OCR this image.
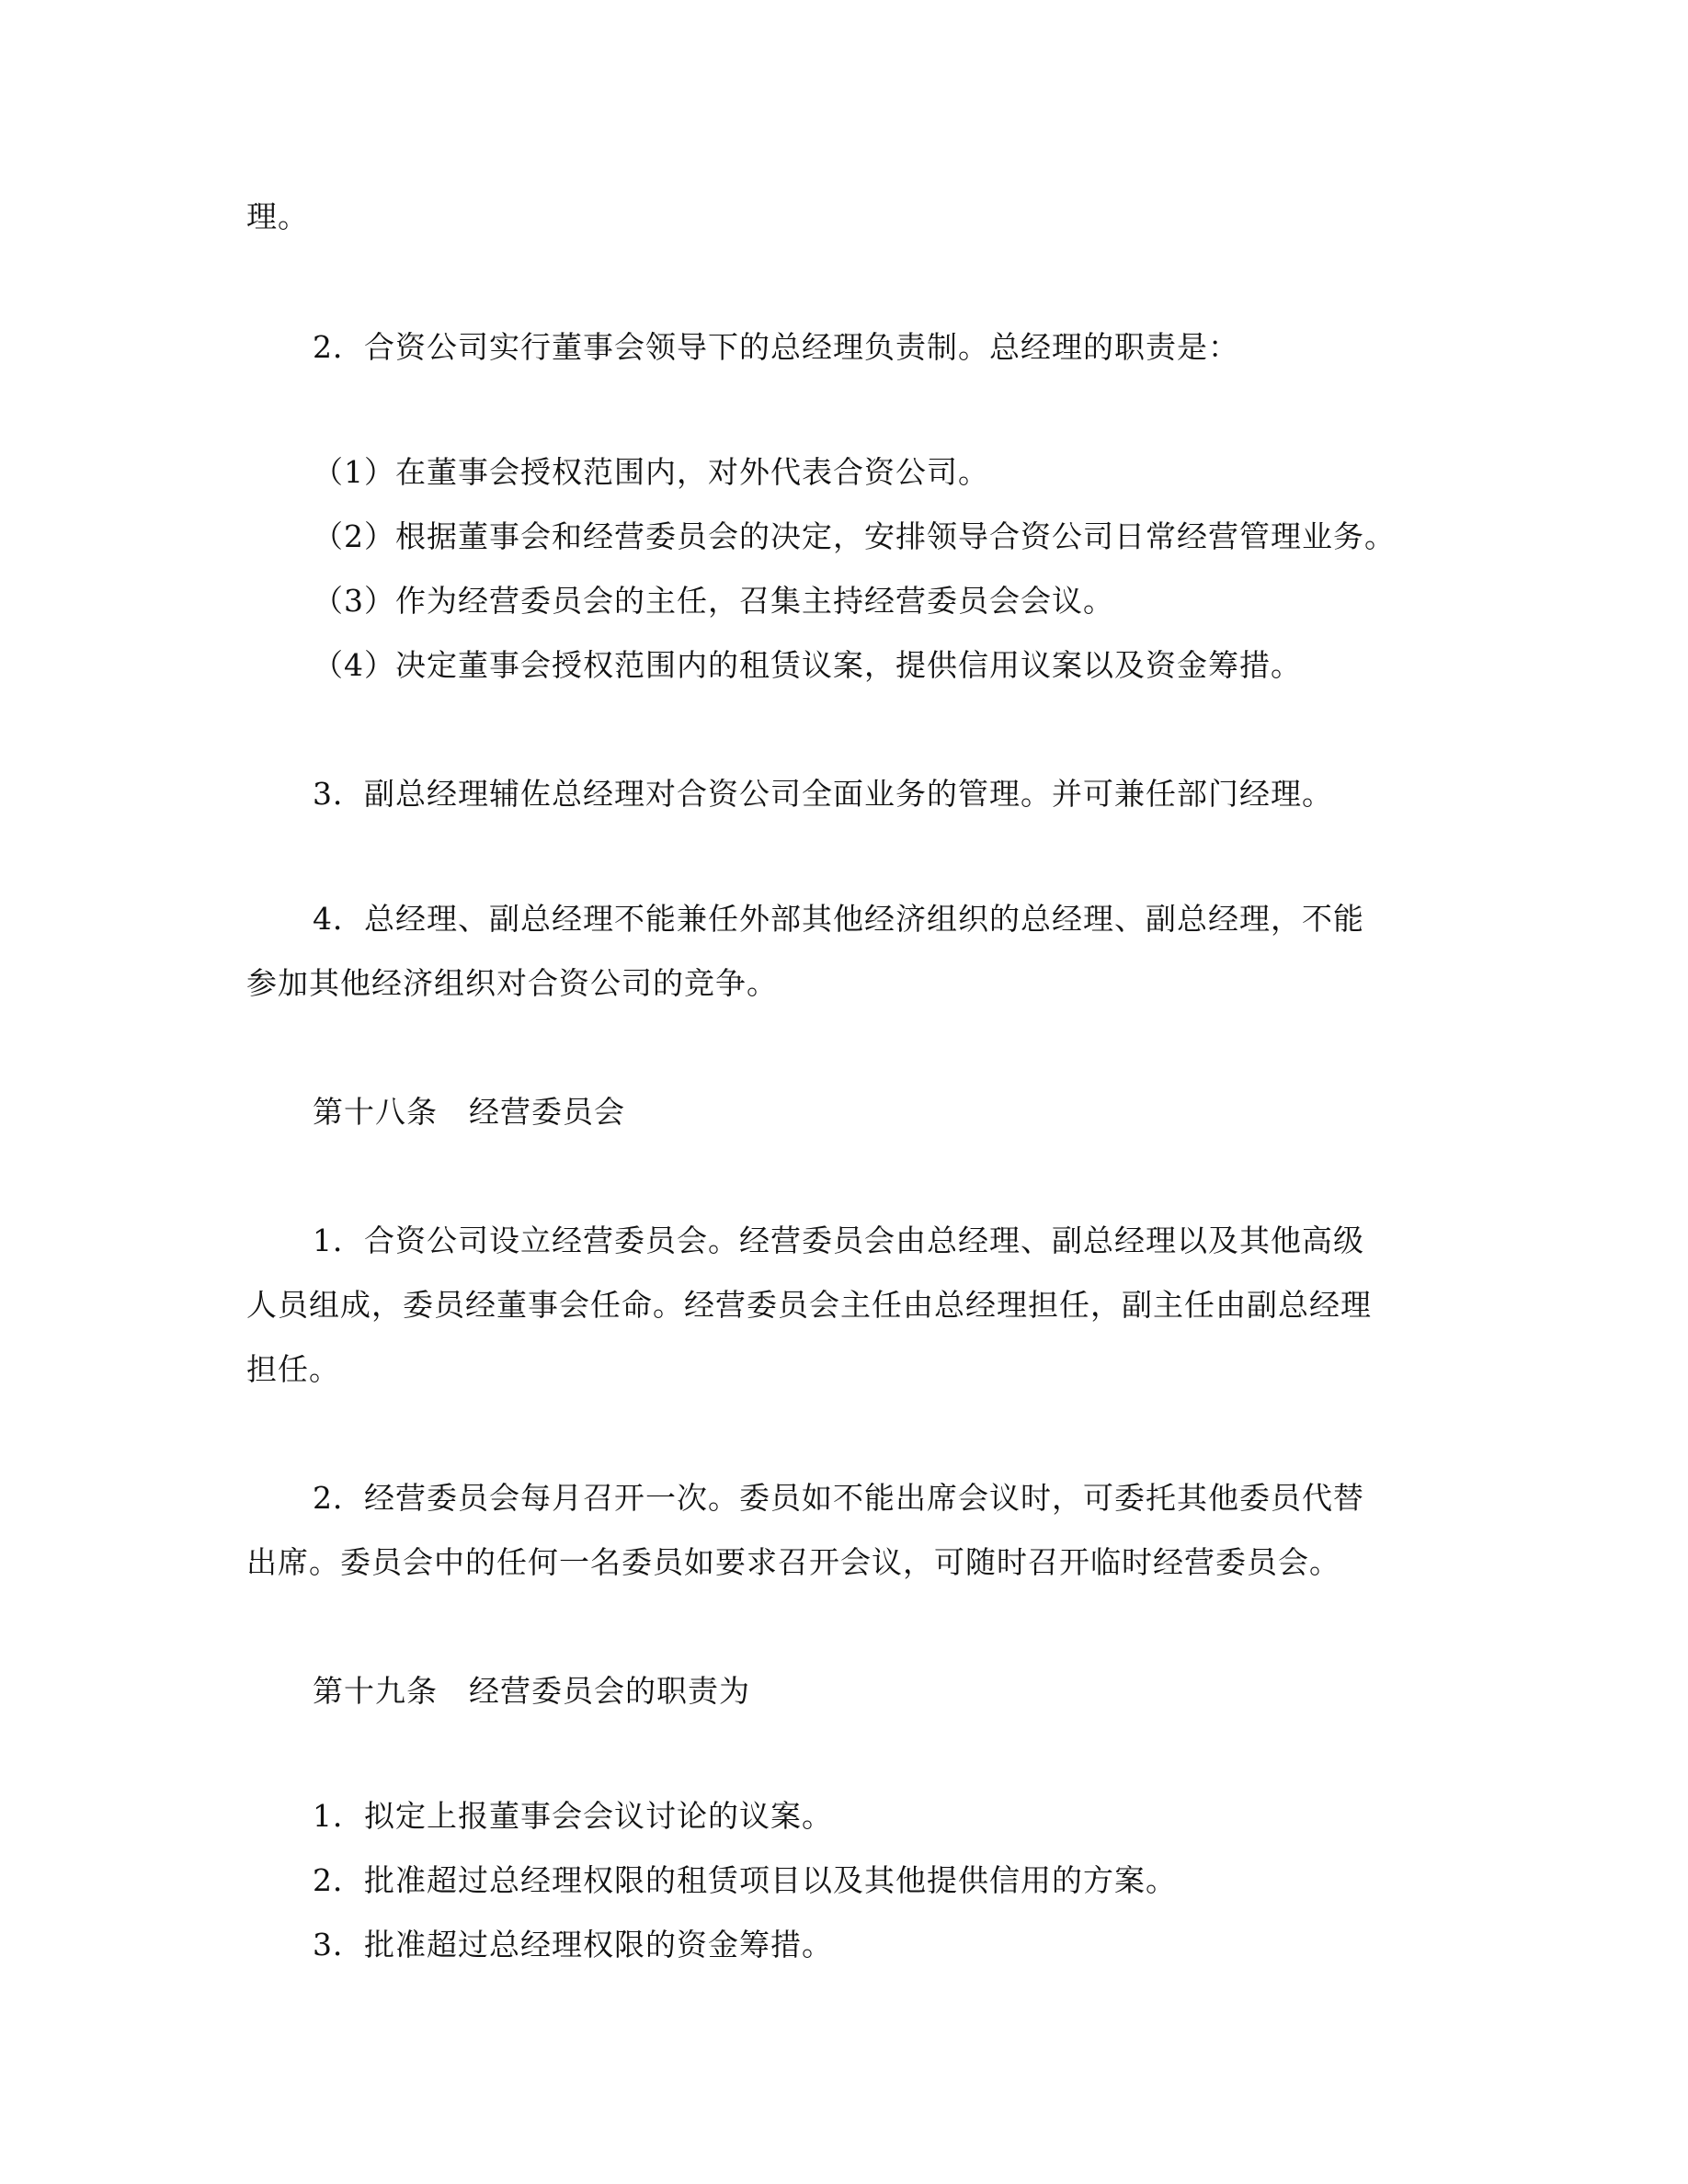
理。
2．合资公司实行董事会领导下的总经理负责制。总经理的职责是：
（1）在董事会授权范围内，对外代表合资公司。
（2）根据董事会和经营委员会的决定，安排领导合资公司日常经营管理业务。
（3）作为经营委员会的主任，召集主持经营委员会会议。
（4）决定董事会授权范围内的租赁议案，提供信用议案以及资金筹措。
3．副总经理辅佐总经理对合资公司全面业务的管理。并可兼任部门经理。
4．总经理、副总经理不能兼任外部其他经济组织的总经理、副总经理，不能
参加其他经济组织对合资公司的竞争。
第十八条　经营委员会
1．合资公司设立经营委员会。经营委员会由总经理、副总经理以及其他高级
人员组成，委员经董事会任命。经营委员会主任由总经理担任，副主任由副总经理
担任。
2．经营委员会每月召开一次。委员如不能出席会议时，可委托其他委员代替
出席。委员会中的任何一名委员如要求召开会议，可随时召开临时经营委员会。
第十九条　经营委员会的职责为
1．拟定上报董事会会议讨论的议案。
2．批准超过总经理权限的租赁项目以及其他提供信用的方案。
3．批准超过总经理权限的资金筹措。
